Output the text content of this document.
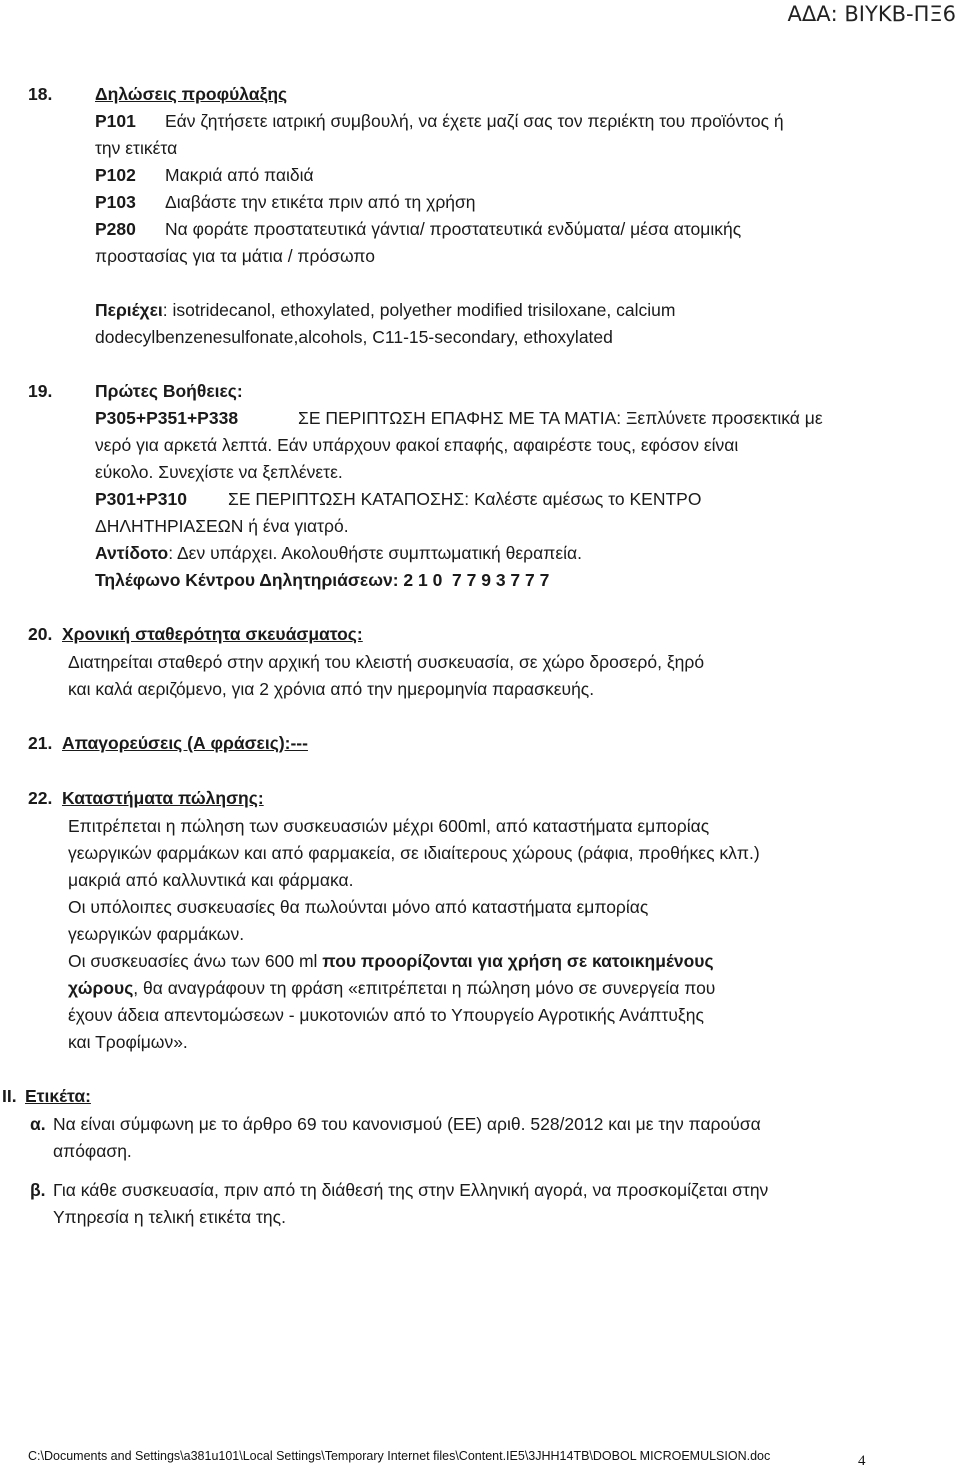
ΑΔΑ: ΒΙΥΚΒ-ΠΞ6
18. Δηλώσεις προφύλαξης
P101 Εάν ζητήσετε ιατρική συμβουλή, να έχετε μαζί σας τον περιέκτη του προϊόντος ή
την ετικέτα
P102 Μακριά από παιδιά
P103 Διαβάστε την ετικέτα πριν από τη χρήση
P280 Να φοράτε προστατευτικά γάντια/ προστατευτικά ενδύματα/ μέσα ατομικής
προστασίας για τα μάτια / πρόσωπο
Περιέχει: isotridecanol, ethoxylated, polyether modified trisiloxane, calcium
dodecylbenzenesulfonate,alcohols, C11-15-secondary, ethoxylated
19. Πρώτες Βοήθειες:
P305+P351+P338	ΣΕ ΠΕΡΙΠΤΩΣΗ ΕΠΑΦΗΣ ΜΕ ΤΑ ΜΑΤΙΑ: Ξεπλύνετε προσεκτικά με
νερό για αρκετά λεπτά. Εάν υπάρχουν φακοί επαφής, αφαιρέστε τους, εφόσον είναι
εύκολο. Συνεχίστε να ξεπλένετε.
P301+P310 ΣΕ ΠΕΡΙΠΤΩΣΗ ΚΑΤΑΠΟΣΗΣ: Καλέστε αμέσως το ΚΕΝΤΡΟ
ΔΗΛΗΤΗΡΙΑΣΕΩΝ ή ένα γιατρό.
Αντίδοτο: Δεν υπάρχει. Ακολουθήστε συμπτωματική θεραπεία.
Τηλέφωνο Κέντρου Δηλητηριάσεων: 2 1 0  7 7 9 3 7 7 7
20. Χρονική σταθερότητα σκευάσματος:
Διατηρείται σταθερό στην αρχική του κλειστή συσκευασία, σε χώρο δροσερό, ξηρό
και καλά αεριζόμενο, για 2 χρόνια από την ημερομηνία παρασκευής.
21. Απαγορεύσεις (Α φράσεις):---
22. Καταστήματα πώλησης:
Επιτρέπεται η πώληση των συσκευασιών μέχρι 600ml, από καταστήματα εμπορίας
γεωργικών φαρμάκων και από φαρμακεία, σε ιδιαίτερους χώρους (ράφια, προθήκες κλπ.)
μακριά από καλλυντικά και φάρμακα.
Οι υπόλοιπες συσκευασίες θα πωλούνται μόνο από καταστήματα εμπορίας
γεωργικών φαρμάκων.
Οι συσκευασίες άνω των 600 ml που προορίζονται για χρήση σε κατοικημένους
χώρους, θα αναγράφουν τη φράση «επιτρέπεται η πώληση μόνο σε συνεργεία που
έχουν άδεια απεντομώσεων - μυκοτονιών από το Υπουργείο Αγροτικής Ανάπτυξης
και Τροφίμων».
ΙΙ. Ετικέτα:
α. Να είναι σύμφωνη με το άρθρο 69 του κανονισμού (ΕΕ) αριθ. 528/2012 και με την παρούσα
απόφαση.
β. Για κάθε συσκευασία, πριν από τη διάθεσή της στην Ελληνική αγορά, να προσκομίζεται στην
Υπηρεσία η τελική ετικέτα της.
C:\Documents and Settings\a381u101\Local Settings\Temporary Internet files\Content.IE5\3JHH14TB\DOBOL MICROEMULSION.doc	4
